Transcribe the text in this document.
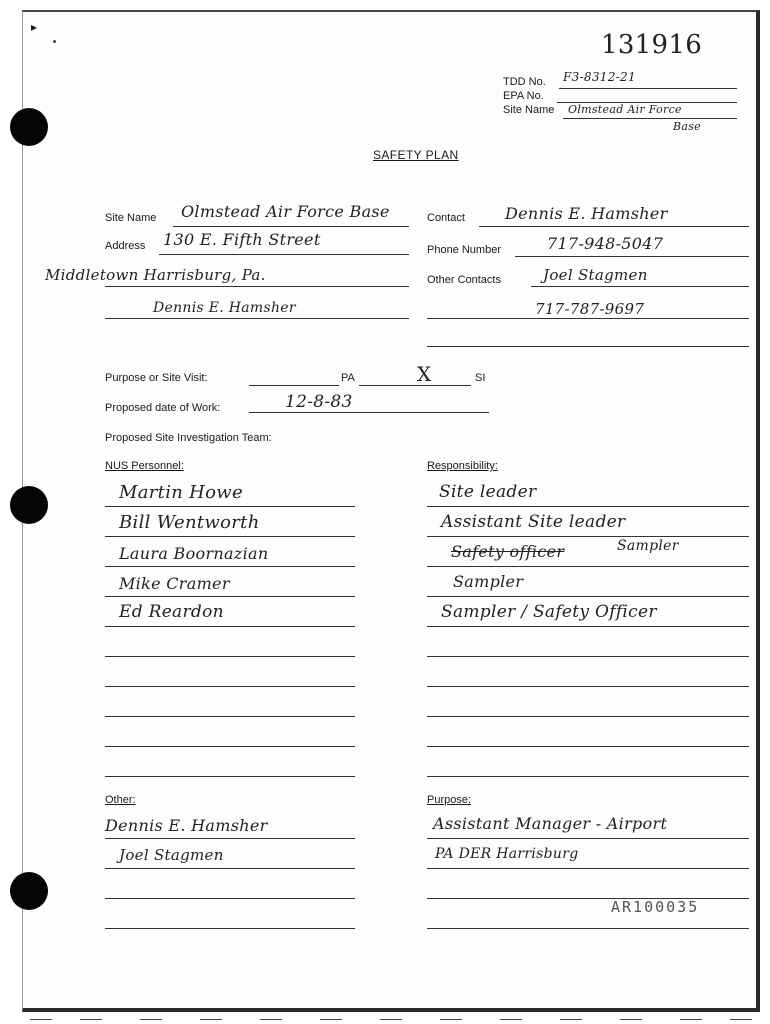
▸
131916
TDD No. F3-8312-21
EPA No.
Site Name Olmstead Air Force
Base
SAFETY PLAN
Site Name Olmstead Air Force Base
Address 130 E. Fifth Street
Middletown Harrisburg, Pa.
Dennis E. Hamsher
Contact	Dennis E. Hamsher
Phone Number	717-948-5047
Other Contacts	Joel Stagmen
717-787-9697
Purpose or Site Visit:	PA	X	SI
Proposed date of Work:	12-8-83
Proposed Site Investigation Team:
NUS Personnel:	Responsibility:
Martin Howe	Site leader
Bill Wentworth	Assistant Site leader
Laura Boornazian	Safety officer	Sampler
Mike Cramer	Sampler
Ed Reardon	Sampler / Safety Officer
Other:	Purpose:
Dennis E. Hamsher	Assistant Manager - Airport
Joel Stagmen	PA DER Harrisburg
AR100035
